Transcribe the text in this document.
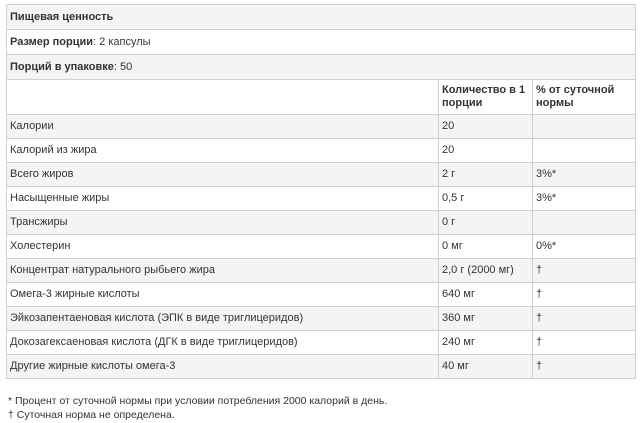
Пищевая ценность		
Размер порции: 2 капсулы		
Порций в упаковке: 50		
	Количество в 1 порции	% от суточной нормы
Калории	20	
Калорий из жира	20	
Всего жиров	2 г	3%*
Насыщенные жиры	0,5 г	3%*
Трансжиры	0 г	
Холестерин	0 мг	0%*
Концентрат натурального рыбьего жира	2,0 г (2000 мг)	†
Омега-3 жирные кислоты	640 мг	†
Эйкозапентаеновая кислота (ЭПК в виде триглицеридов)	360 мг	†
Докозагексаеновая кислота (ДГК в виде триглицеридов)	240 мг	†
Другие жирные кислоты омега-3	40 мг	†
* Процент от суточной нормы при условии потребления 2000 калорий в день.
† Суточная норма не определена.
